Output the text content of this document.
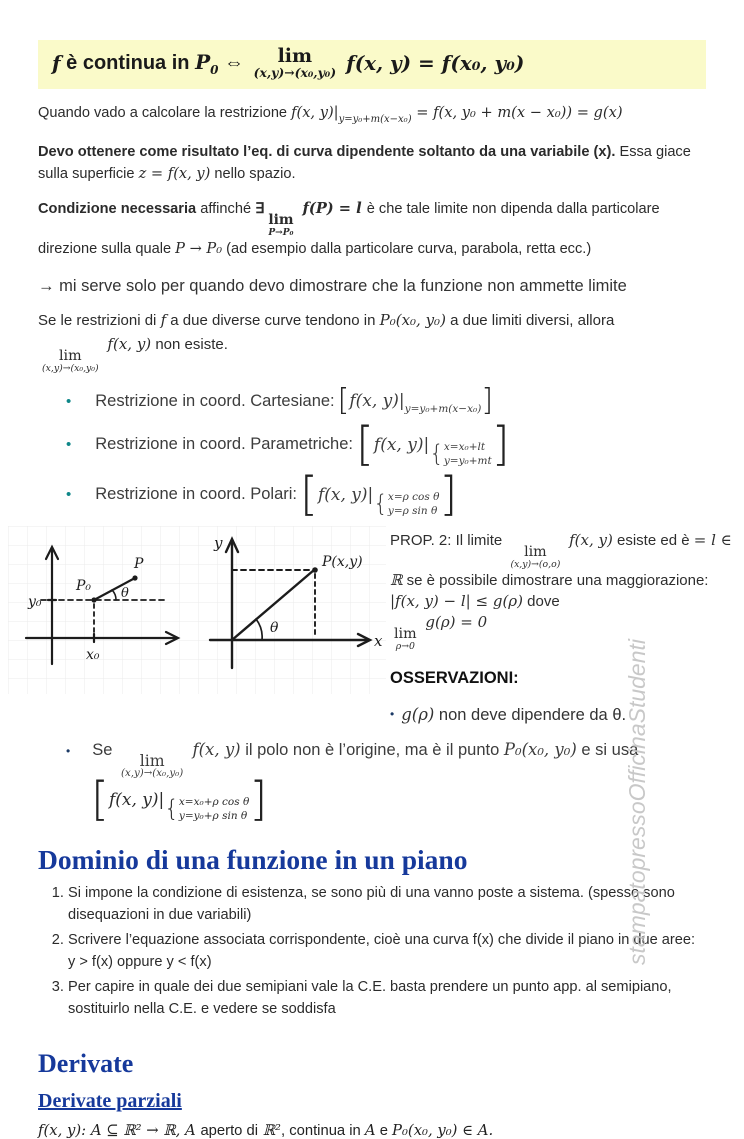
f è continua in $P_0$ ⇔ lim
(x,y)→(x₀,y₀) f(x, y) = f(x₀, y₀)

Quando vado a calcolare la restrizione f(x, $y)|_{y=y_0+m(x-x_0)} = f(x$, y₀ + m(x − x₀)) = g(x)

Devo ottenere come risultato l’eq. di curva dipendente soltanto da una variabile (x). Essa giace sulla superficie z = f(x, y) nello spazio.

Condizione necessaria affinché ∃
lim
P→P₀
f(P) = l è che tale limite non dipenda dalla particolare direzione sulla quale P → P₀ (ad esempio dalla particolare curva, parabola, retta ecc.)

→ mi serve solo per quando devo dimostrare che la funzione non ammette limite

Se le restrizioni di f a due diverse curve tendono in P₀(x₀, y₀) a due limiti diversi, allora

lim
(x,y)→(x₀,y₀)
f(x, y) non esiste.

• Restrizione in coord. Cartesiane: [ f(x, y)| y=y₀+m(x−x₀) ]
• Restrizione in coord. Parametriche: [ f(x, y)| { x=x₀+lt
y=y₀+mt ]
• Restrizione in coord. Polari: [ f(x, y)| { x=ρ cos θ
y=ρ sin θ ]
P₀
P
θ
y₀
x₀
y
x
P(x,y)
θ
PROP. 2: Il limite
lim
(x,y)→(o,o)
f(x, y) esiste ed è = l ∈ ℝ se è possibile dimostrare una maggiorazione: |f(x, y) − l| ≤ g(ρ) dove

lim
ρ→0
g(ρ) = 0
OSSERVAZIONI:
• g(ρ) non deve dipendere da θ.
• Se
lim
(x,y)→(x₀,y₀)
f(x, y) il polo non è l’origine, ma è il punto P₀(x₀, y₀) e si usa
[ f(x, y)| { x=x₀+ρ cos θ
y=y₀+ρ sin θ ]
Dominio di una funzione in un piano
1. Si impone la condizione di esistenza, se sono più di una vanno poste a sistema. (spesso sono disequazioni in due variabili)
2. Scrivere l’equazione associata corrispondente, cioè una curva f(x) che divide il piano in due aree: y > f(x) oppure y < f(x)
3. Per capire in quale dei due semipiani vale la C.E. basta prendere un punto app. al semipiano, sostituirlo nella C.E. e vedere se soddisfa
Derivate
Derivate parziali

f(x, y): A ⊆ ℝ² → ℝ, A aperto di ℝ², continua in A e P₀(x₀, y₀) ∈ A.

stampatopressoOfficinaStudenti
